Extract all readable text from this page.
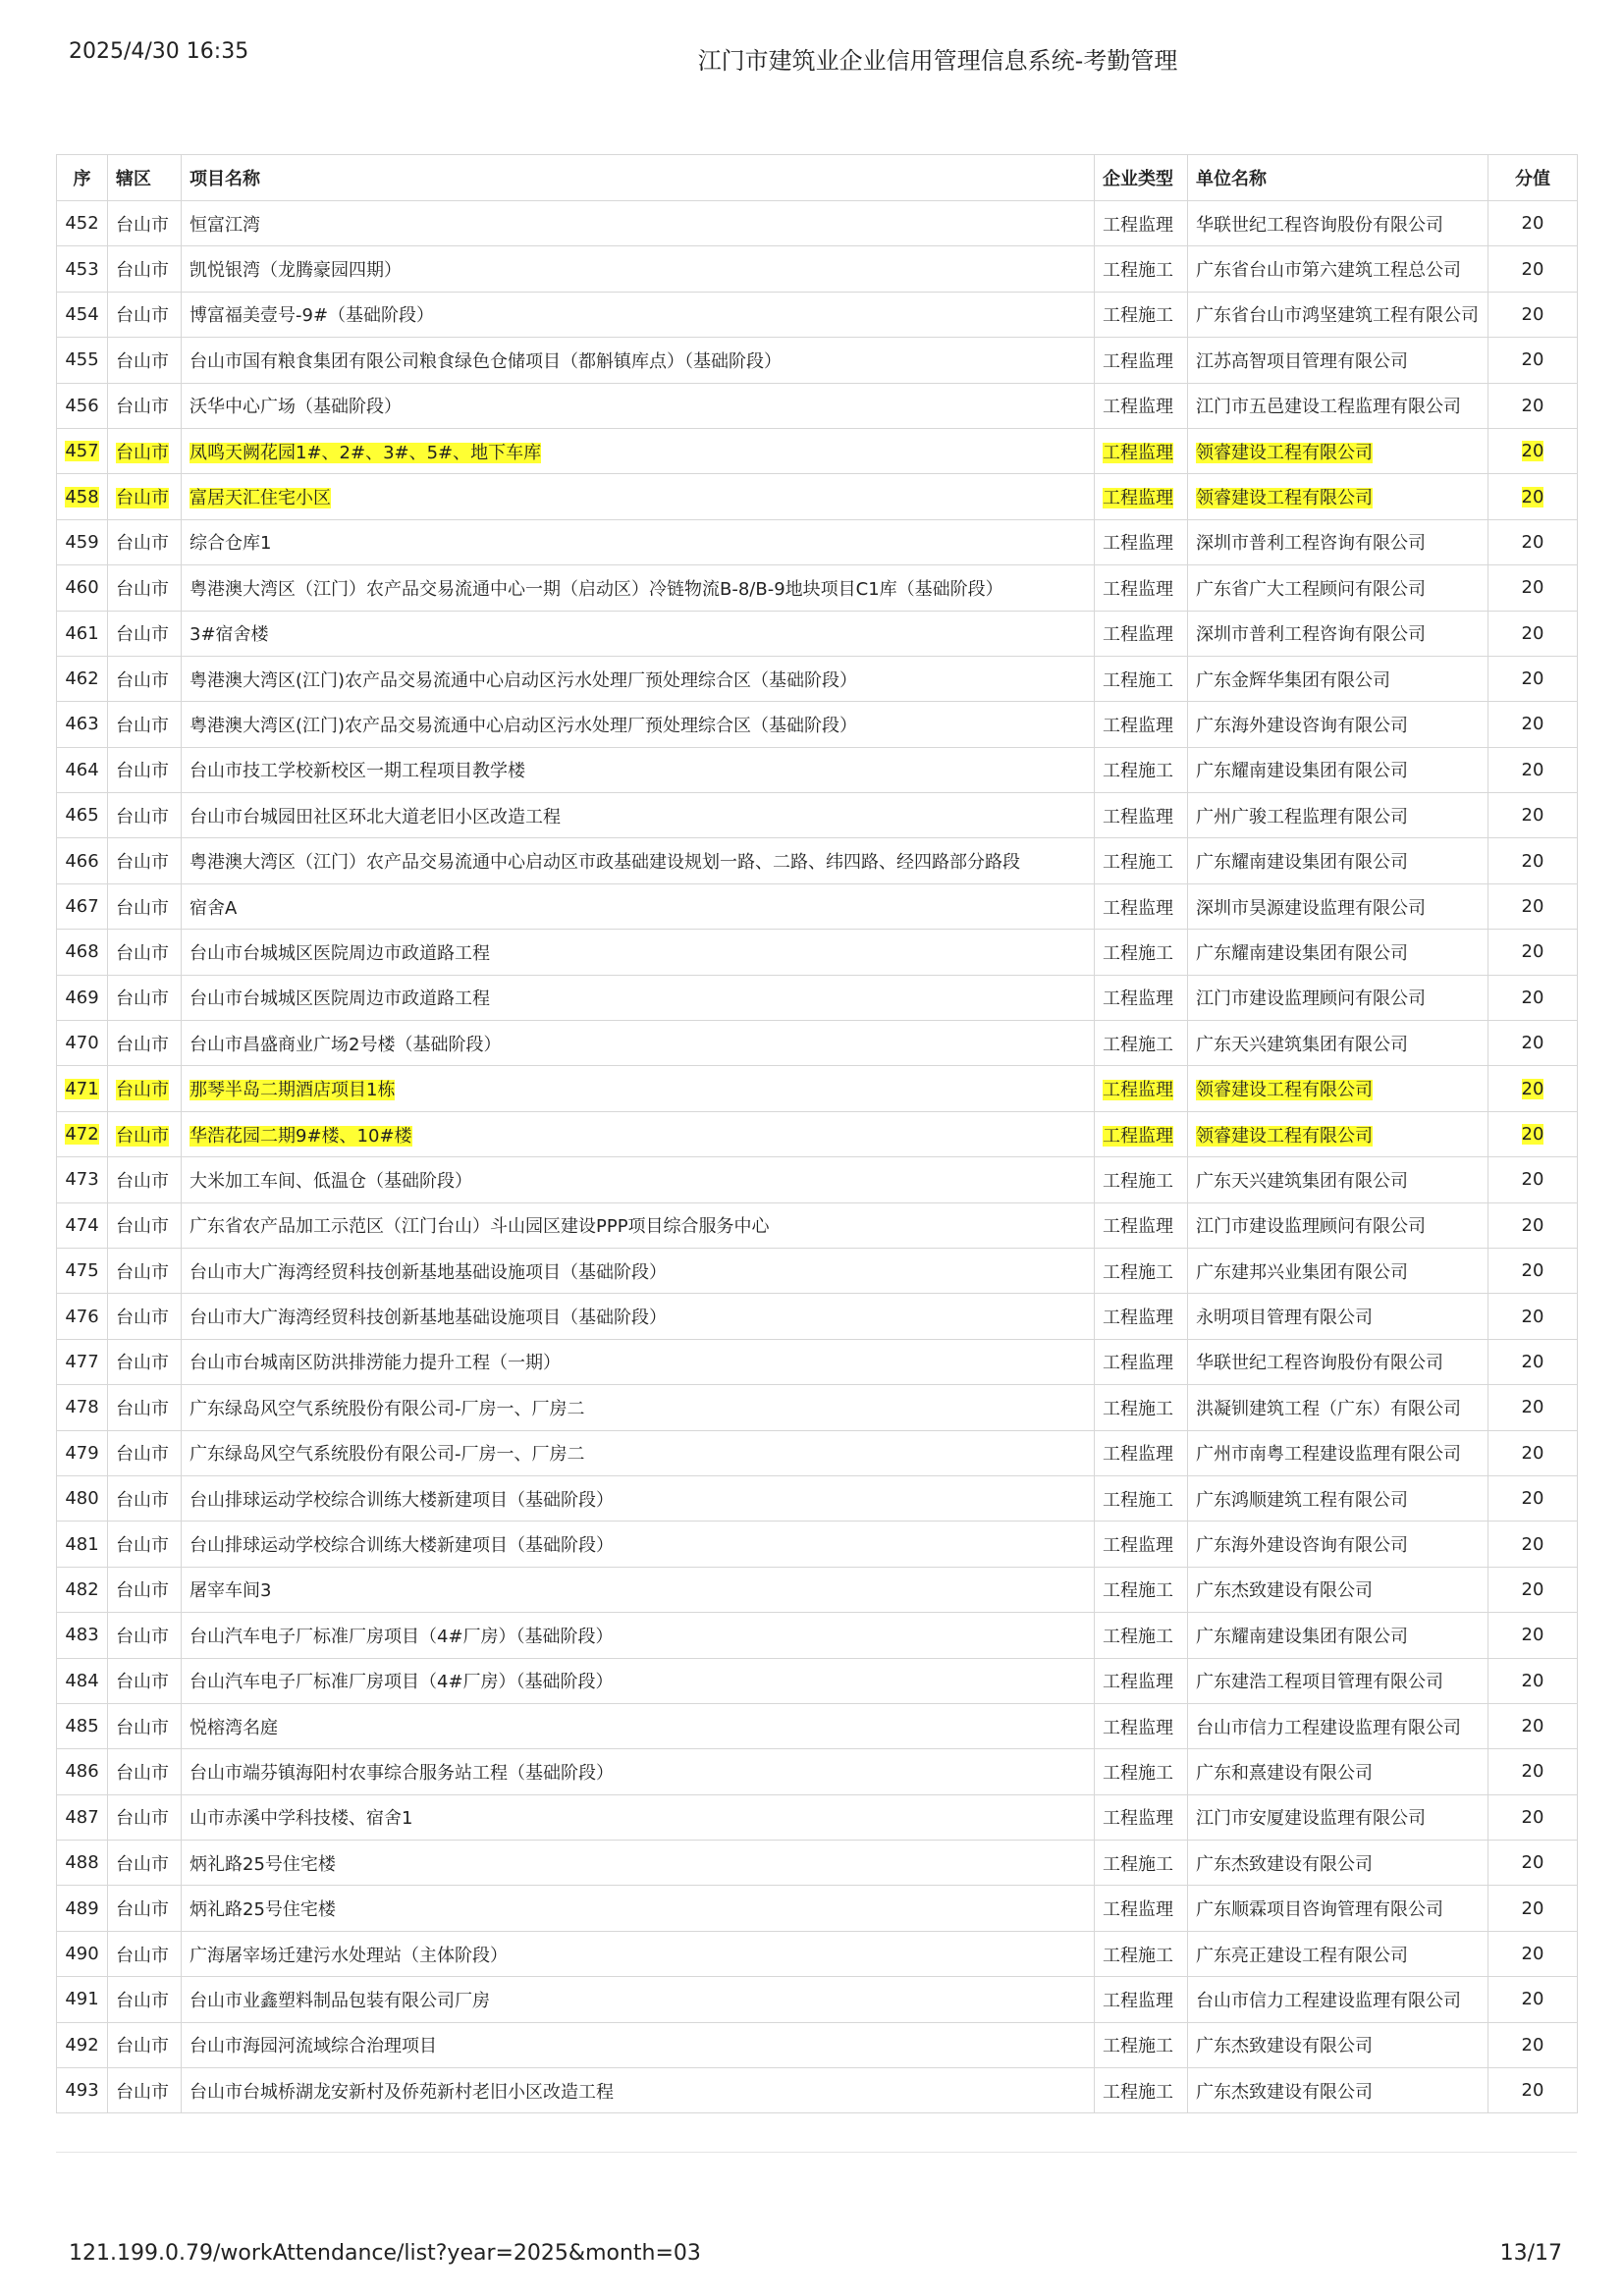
2025/4/30 16:35	江门市建筑业企业信用管理信息系统-考勤管理
序	辖区	项目名称	企业类型	单位名称	分值
452	台山市	恒富江湾	工程监理	华联世纪工程咨询股份有限公司	20
453	台山市	凯悦银湾（龙腾豪园四期）	工程施工	广东省台山市第六建筑工程总公司	20
454	台山市	博富福美壹号-9#（基础阶段）	工程施工	广东省台山市鸿坚建筑工程有限公司	20
455	台山市	台山市国有粮食集团有限公司粮食绿色仓储项目（都斛镇库点）（基础阶段）	工程监理	江苏高智项目管理有限公司	20
456	台山市	沃华中心广场（基础阶段）	工程监理	江门市五邑建设工程监理有限公司	20
457	台山市	凤鸣天阙花园1#、2#、3#、5#、地下车库	工程监理	领睿建设工程有限公司	20
458	台山市	富居天汇住宅小区	工程监理	领睿建设工程有限公司	20
459	台山市	综合仓库1	工程监理	深圳市普利工程咨询有限公司	20
460	台山市	粤港澳大湾区（江门）农产品交易流通中心一期（启动区）冷链物流B-8/B-9地块项目C1库（基础阶段）	工程监理	广东省广大工程顾问有限公司	20
461	台山市	3#宿舍楼	工程监理	深圳市普利工程咨询有限公司	20
462	台山市	粤港澳大湾区(江门)农产品交易流通中心启动区污水处理厂预处理综合区（基础阶段）	工程施工	广东金辉华集团有限公司	20
463	台山市	粤港澳大湾区(江门)农产品交易流通中心启动区污水处理厂预处理综合区（基础阶段）	工程监理	广东海外建设咨询有限公司	20
464	台山市	台山市技工学校新校区一期工程项目教学楼	工程施工	广东耀南建设集团有限公司	20
465	台山市	台山市台城园田社区环北大道老旧小区改造工程	工程监理	广州广骏工程监理有限公司	20
466	台山市	粤港澳大湾区（江门）农产品交易流通中心启动区市政基础建设规划一路、二路、纬四路、经四路部分路段	工程施工	广东耀南建设集团有限公司	20
467	台山市	宿舍A	工程监理	深圳市昊源建设监理有限公司	20
468	台山市	台山市台城城区医院周边市政道路工程	工程施工	广东耀南建设集团有限公司	20
469	台山市	台山市台城城区医院周边市政道路工程	工程监理	江门市建设监理顾问有限公司	20
470	台山市	台山市昌盛商业广场2号楼（基础阶段）	工程施工	广东天兴建筑集团有限公司	20
471	台山市	那琴半岛二期酒店项目1栋	工程监理	领睿建设工程有限公司	20
472	台山市	华浩花园二期9#楼、10#楼	工程监理	领睿建设工程有限公司	20
473	台山市	大米加工车间、低温仓（基础阶段）	工程施工	广东天兴建筑集团有限公司	20
474	台山市	广东省农产品加工示范区（江门台山）斗山园区建设PPP项目综合服务中心	工程监理	江门市建设监理顾问有限公司	20
475	台山市	台山市大广海湾经贸科技创新基地基础设施项目（基础阶段）	工程施工	广东建邦兴业集团有限公司	20
476	台山市	台山市大广海湾经贸科技创新基地基础设施项目（基础阶段）	工程监理	永明项目管理有限公司	20
477	台山市	台山市台城南区防洪排涝能力提升工程（一期）	工程监理	华联世纪工程咨询股份有限公司	20
478	台山市	广东绿岛风空气系统股份有限公司-厂房一、厂房二	工程施工	洪凝钏建筑工程（广东）有限公司	20
479	台山市	广东绿岛风空气系统股份有限公司-厂房一、厂房二	工程监理	广州市南粤工程建设监理有限公司	20
480	台山市	台山排球运动学校综合训练大楼新建项目（基础阶段）	工程施工	广东鸿顺建筑工程有限公司	20
481	台山市	台山排球运动学校综合训练大楼新建项目（基础阶段）	工程监理	广东海外建设咨询有限公司	20
482	台山市	屠宰车间3	工程施工	广东杰致建设有限公司	20
483	台山市	台山汽车电子厂标准厂房项目（4#厂房）（基础阶段）	工程施工	广东耀南建设集团有限公司	20
484	台山市	台山汽车电子厂标准厂房项目（4#厂房）（基础阶段）	工程监理	广东建浩工程项目管理有限公司	20
485	台山市	悦榕湾名庭	工程监理	台山市信力工程建设监理有限公司	20
486	台山市	台山市端芬镇海阳村农事综合服务站工程（基础阶段）	工程施工	广东和熹建设有限公司	20
487	台山市	山市赤溪中学科技楼、宿舍1	工程监理	江门市安厦建设监理有限公司	20
488	台山市	炳礼路25号住宅楼	工程施工	广东杰致建设有限公司	20
489	台山市	炳礼路25号住宅楼	工程监理	广东顺霖项目咨询管理有限公司	20
490	台山市	广海屠宰场迁建污水处理站（主体阶段）	工程施工	广东亮正建设工程有限公司	20
491	台山市	台山市业鑫塑料制品包装有限公司厂房	工程监理	台山市信力工程建设监理有限公司	20
492	台山市	台山市海园河流域综合治理项目	工程施工	广东杰致建设有限公司	20
493	台山市	台山市台城桥湖龙安新村及侨苑新村老旧小区改造工程	工程施工	广东杰致建设有限公司	20
121.199.0.79/workAttendance/list?year=2025&month=03	13/17
